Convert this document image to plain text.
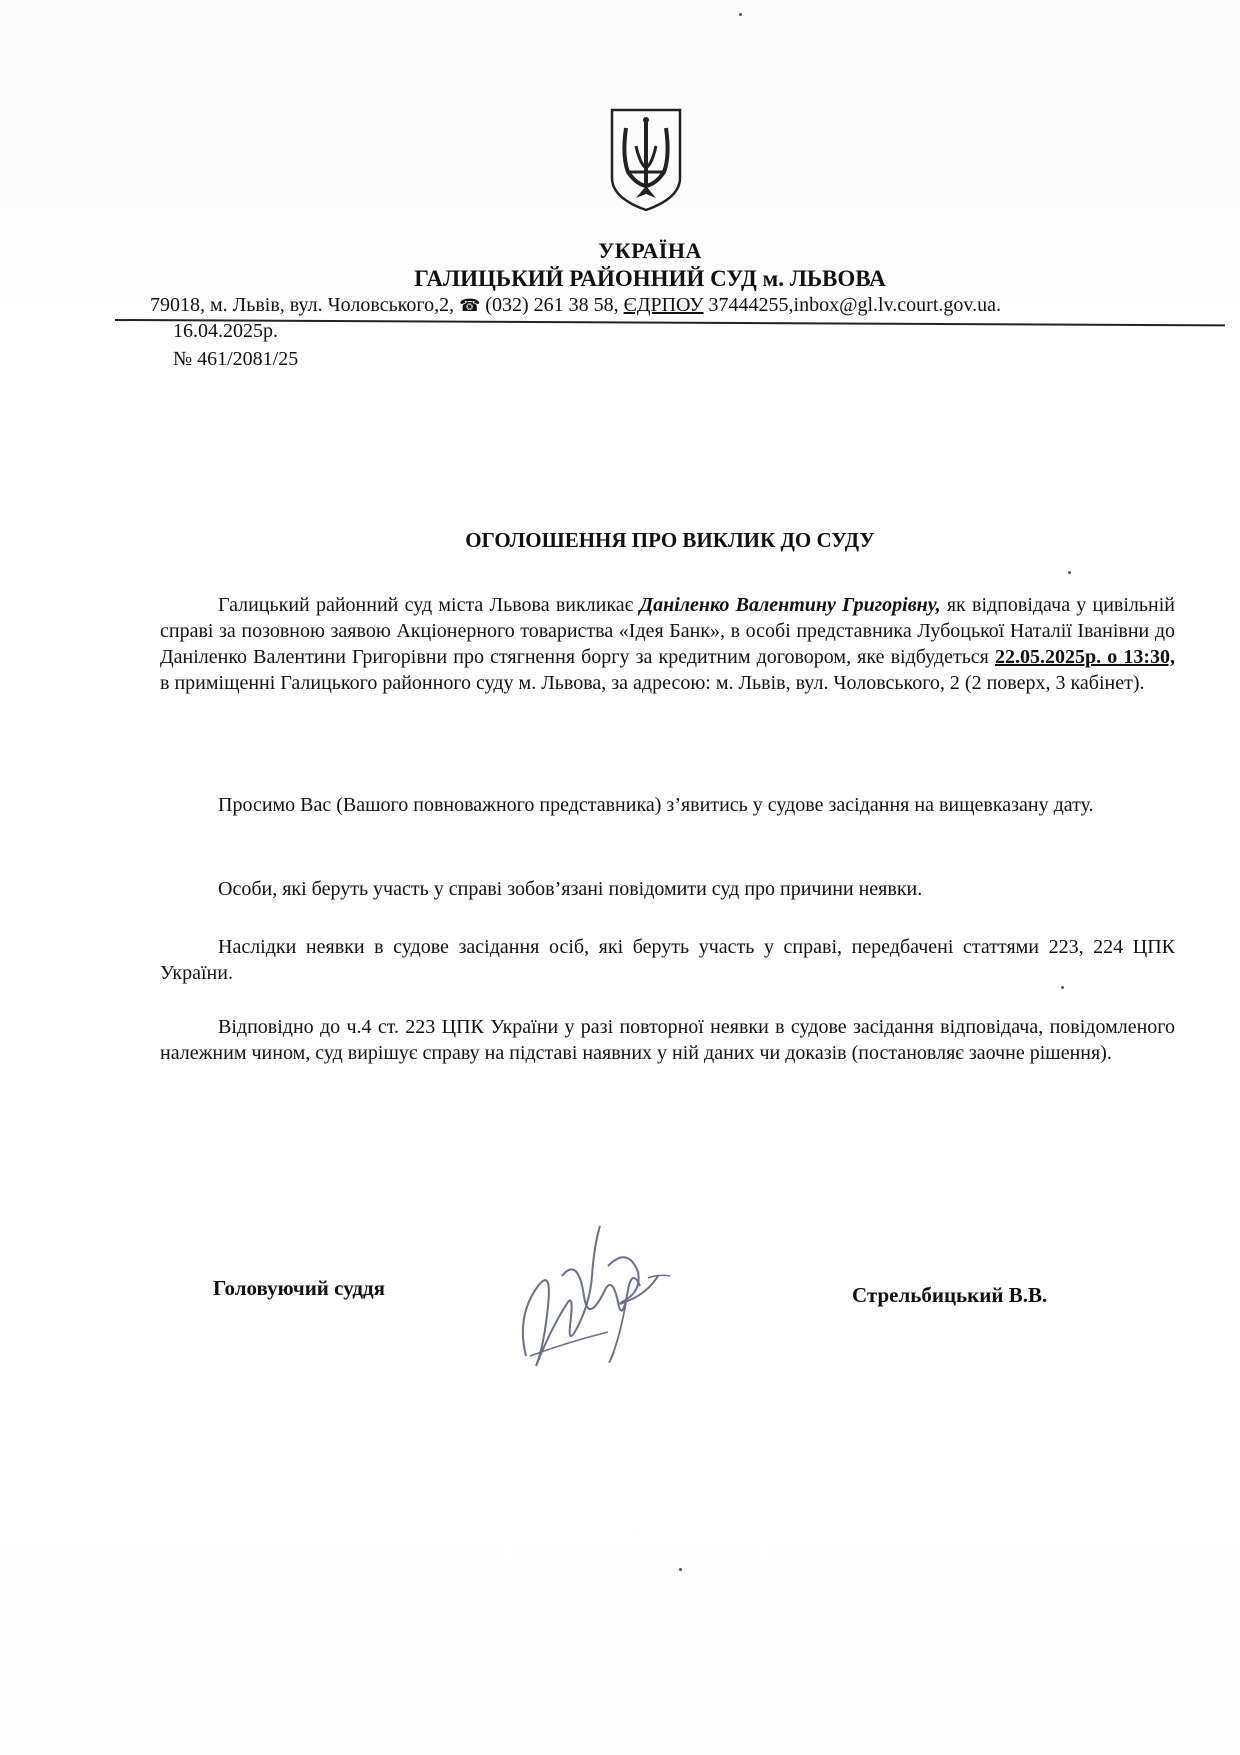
УКРАЇНА
ГАЛИЦЬКИЙ РАЙОННИЙ СУД м. ЛЬВОВА
79018, м. Львів, вул. Чоловського,2, ☎ (032) 261 38 58, ЄДРПОУ 37444255,inbox@gl.lv.court.gov.ua.
16.04.2025р.
№ 461/2081/25
ОГОЛОШЕННЯ ПРО ВИКЛИК ДО СУДУ
Галицький районний суд міста Львова викликає Даніленко Валентину Григорівну, як відповідача у цивільній справі за позовною заявою Акціонерного товариства «Ідея Банк», в особі представника Лубоцької Наталії Іванівни до Даніленко Валентини Григорівни про стягнення боргу за кредитним договором, яке відбудеться 22.05.2025р. о 13:30, в приміщенні Галицького районного суду м. Львова, за адресою: м. Львів, вул. Чоловського, 2 (2 поверх, 3 кабінет).
Просимо Вас (Вашого повноважного представника) з’явитись у судове засідання на вищевказану дату.
Особи, які беруть участь у справі зобов’язані повідомити суд про причини неявки.
Наслідки неявки в судове засідання осіб, які беруть участь у справі, передбачені статтями 223, 224 ЦПК України.
Відповідно до ч.4 ст. 223 ЦПК України у разі повторної неявки в судове засідання відповідача, повідомленого належним чином, суд вирішує справу на підставі наявних у ній даних чи доказів (постановляє заочне рішення).
Головуючий суддя	Стрельбицький В.В.
